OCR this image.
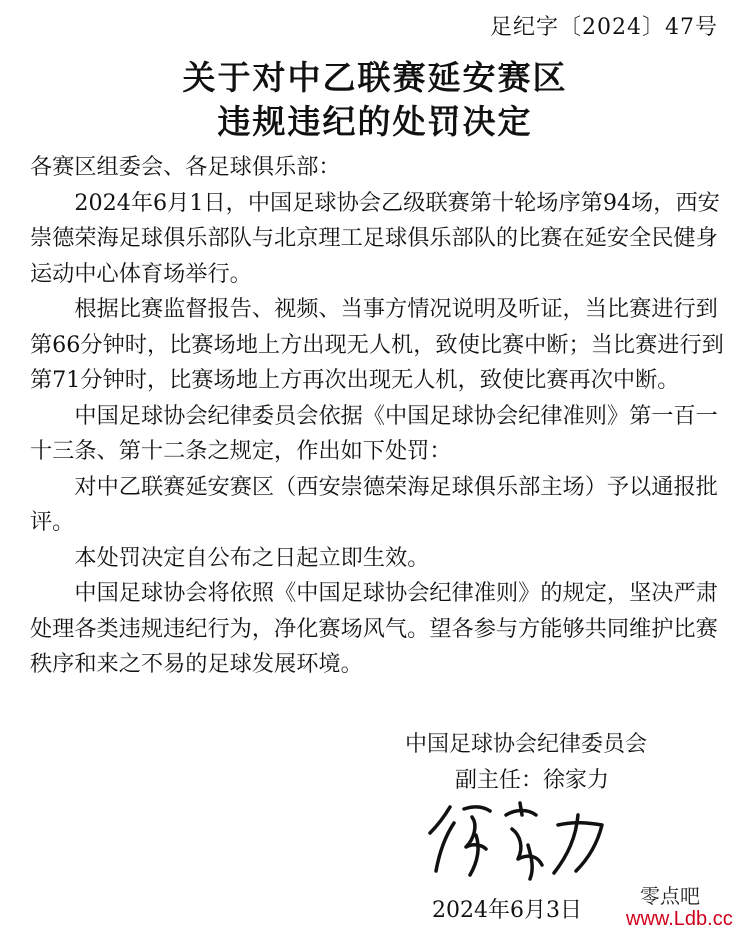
足纪字〔2024〕47号
关于对中乙联赛延安赛区
违规违纪的处罚决定

各赛区组委会、各足球俱乐部：

2024年6月1日，中国足球协会乙级联赛第十轮场序第94场，西安崇德荣海足球俱乐部队与北京理工足球俱乐部队的比赛在延安全民健身运动中心体育场举行。

根据比赛监督报告、视频、当事方情况说明及听证，当比赛进行到第66分钟时，比赛场地上方出现无人机，致使比赛中断；当比赛进行到第71分钟时，比赛场地上方再次出现无人机，致使比赛再次中断。

中国足球协会纪律委员会依据《中国足球协会纪律准则》第一百一十三条、第十二条之规定，作出如下处罚：

对中乙联赛延安赛区（西安崇德荣海足球俱乐部主场）予以通报批评。

本处罚决定自公布之日起立即生效。

中国足球协会将依照《中国足球协会纪律准则》的规定，坚决严肃处理各类违规违纪行为，净化赛场风气。望各参与方能够共同维护比赛秩序和来之不易的足球发展环境。

中国足球协会纪律委员会
副主任：徐家力
2024年6月3日
零点吧
www.Ldb.cc
